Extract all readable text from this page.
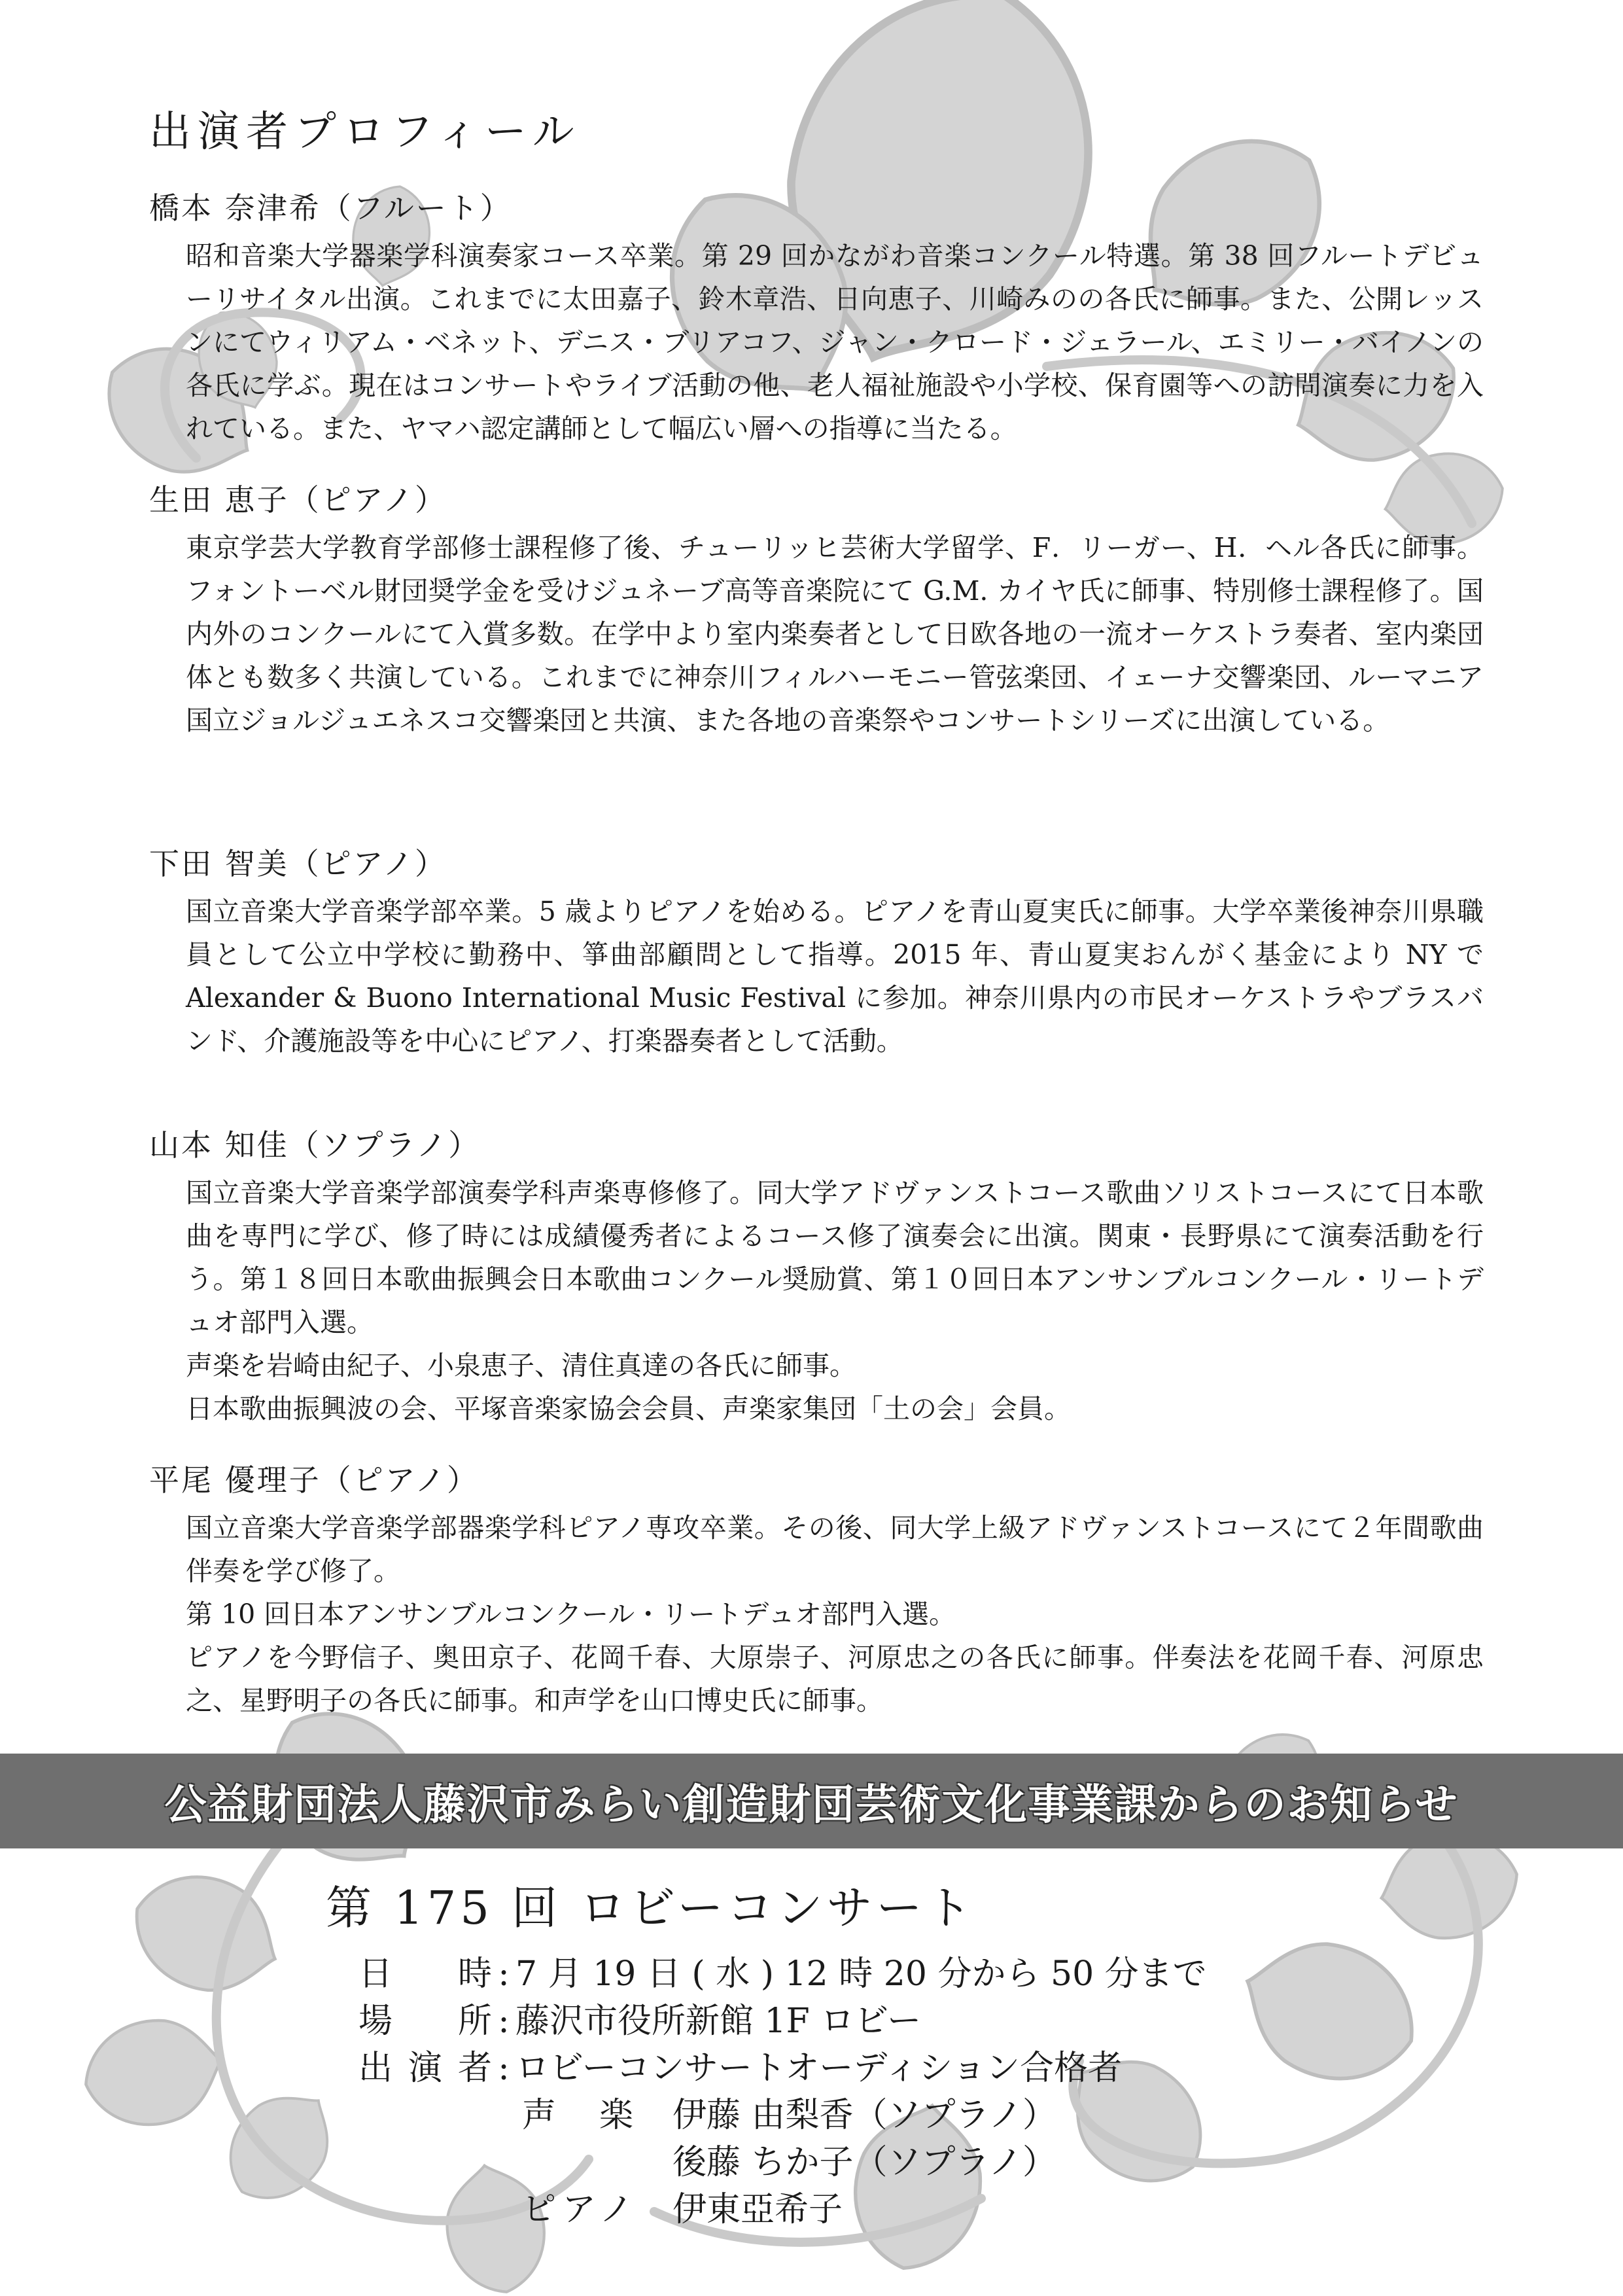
出演者プロフィール
橋本 奈津希（フルート）

昭和音楽大学器楽学科演奏家コース卒業。第 29 回かながわ音楽コンクール特選。第 38 回フルートデビューリサイタル出演。これまでに太田嘉子、鈴木章浩、日向恵子、川崎みのの各氏に師事。また、公開レッスンにてウィリアム・ベネット、デニス・ブリアコフ、ジャン・クロード・ジェラール、エミリー・バイノンの各氏に学ぶ。現在はコンサートやライブ活動の他、老人福祉施設や小学校、保育園等への訪問演奏に力を入れている。また、ヤマハ認定講師として幅広い層への指導に当たる。

生田 恵子（ピアノ）

東京学芸大学教育学部修士課程修了後、チューリッヒ芸術大学留学、F．リーガー、H．ヘル各氏に師事。フォントーベル財団奨学金を受けジュネーブ高等音楽院にて G.M. カイヤ氏に師事、特別修士課程修了。国内外のコンクールにて入賞多数。在学中より室内楽奏者として日欧各地の一流オーケストラ奏者、室内楽団体とも数多く共演している。これまでに神奈川フィルハーモニー管弦楽団、イェーナ交響楽団、ルーマニア国立ジョルジュエネスコ交響楽団と共演、また各地の音楽祭やコンサートシリーズに出演している。

下田 智美（ピアノ）

国立音楽大学音楽学部卒業。5 歳よりピアノを始める。ピアノを青山夏実氏に師事。大学卒業後神奈川県職員として公立中学校に勤務中、箏曲部顧問として指導。2015 年、青山夏実おんがく基金により NY で Alexander & Buono International Music Festival に参加。神奈川県内の市民オーケストラやブラスバンド、介護施設等を中心にピアノ、打楽器奏者として活動。

山本 知佳（ソプラノ）

国立音楽大学音楽学部演奏学科声楽専修修了。同大学アドヴァンストコース歌曲ソリストコースにて日本歌曲を専門に学び、修了時には成績優秀者によるコース修了演奏会に出演。関東・長野県にて演奏活動を行う。第１８回日本歌曲振興会日本歌曲コンクール奨励賞、第１０回日本アンサンブルコンクール・リートデュオ部門入選。

声楽を岩崎由紀子、小泉恵子、清住真達の各氏に師事。

日本歌曲振興波の会、平塚音楽家協会会員、声楽家集団「土の会」会員。

平尾 優理子（ピアノ）

国立音楽大学音楽学部器楽学科ピアノ専攻卒業。その後、同大学上級アドヴァンストコースにて２年間歌曲伴奏を学び修了。

第 10 回日本アンサンブルコンクール・リートデュオ部門入選。

ピアノを今野信子、奥田京子、花岡千春、大原崇子、河原忠之の各氏に師事。伴奏法を花岡千春、河原忠之、星野明子の各氏に師事。和声学を山口博史氏に師事。

公益財団法人藤沢市みらい創造財団芸術文化事業課からのお知らせ
第 175 回 ロビーコンサート
日時 : 7 月 19 日 ( 水 ) 12 時 20 分から 50 分まで
場所 : 藤沢市役所新館 1F ロビー
出演者 : ロビーコンサートオーディション合格者
声楽 伊藤 由梨香（ソプラノ）
後藤 ちか子（ソプラノ）
ピアノ 伊東亞希子
